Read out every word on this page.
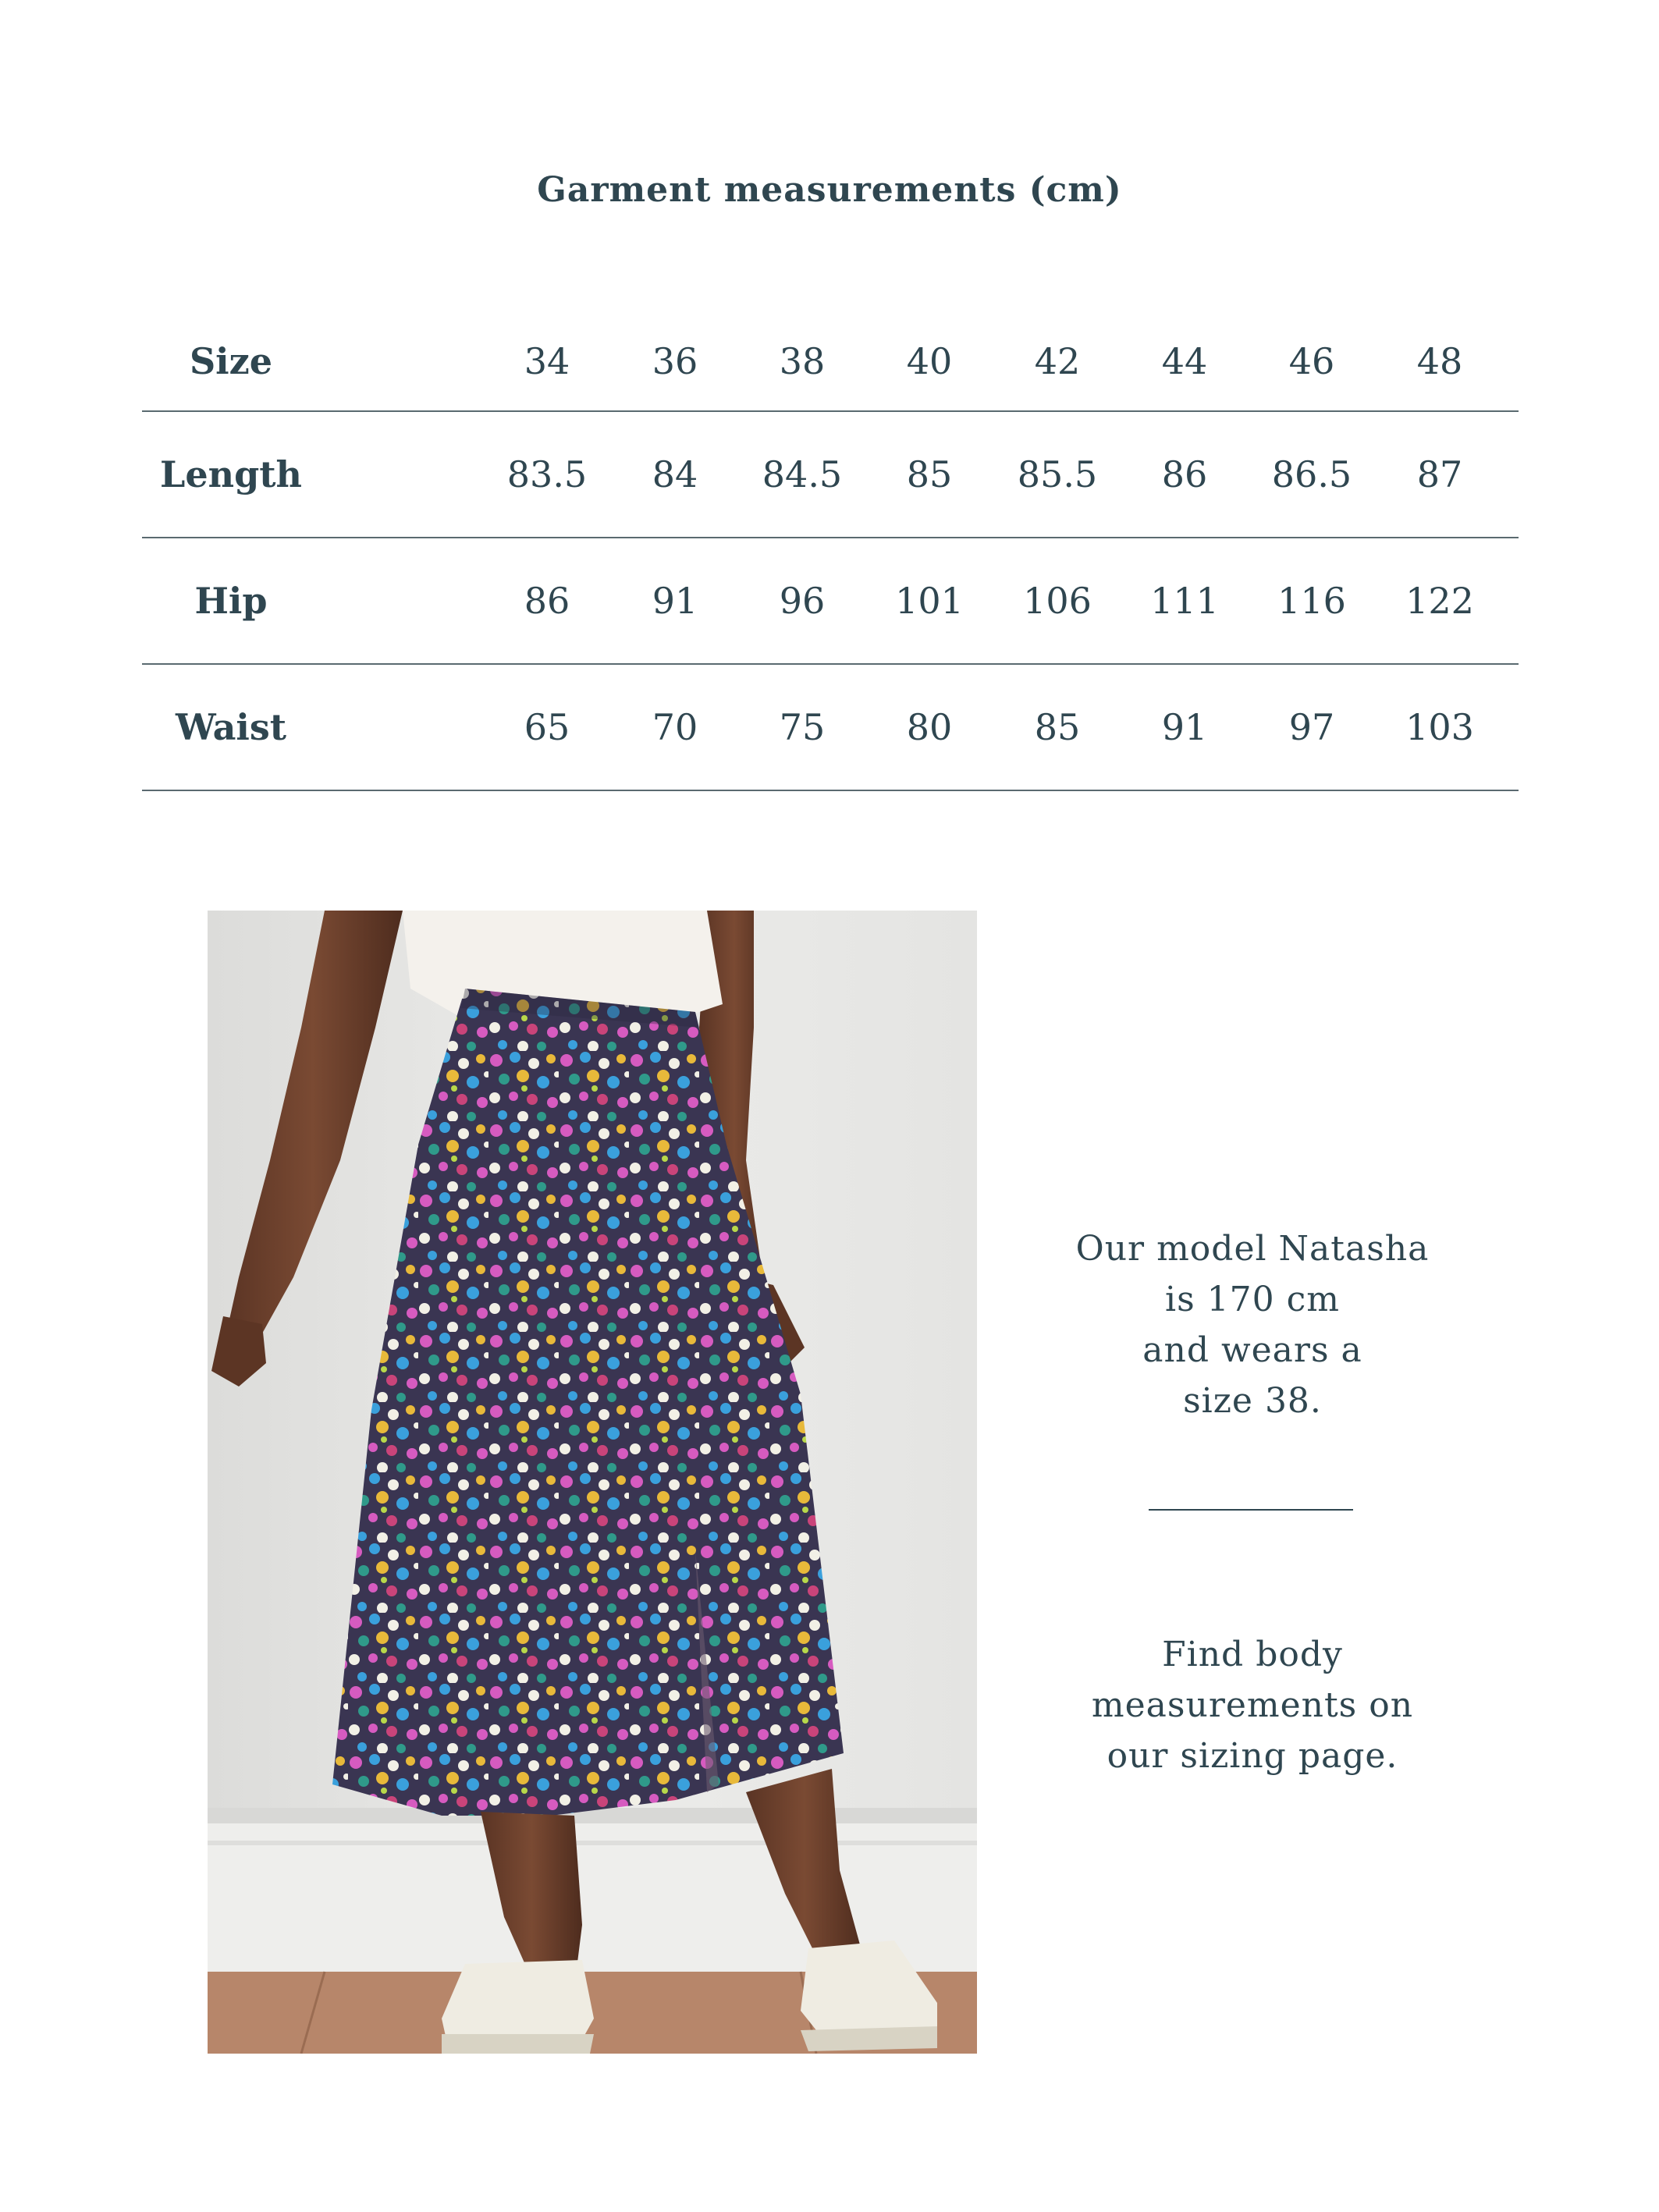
Garment measurements (cm)
Size	34	36	38	40	42	44	46	48
Length	83.5	84	84.5	85	85.5	86	86.5	87
Hip	86	91	96	101 106 111 116 122
Waist	65	70	75	80	85	91	97	103
Our model Natasha
is 170 cm
and wears a
size 38.
Find body
measurements on
our sizing page.
